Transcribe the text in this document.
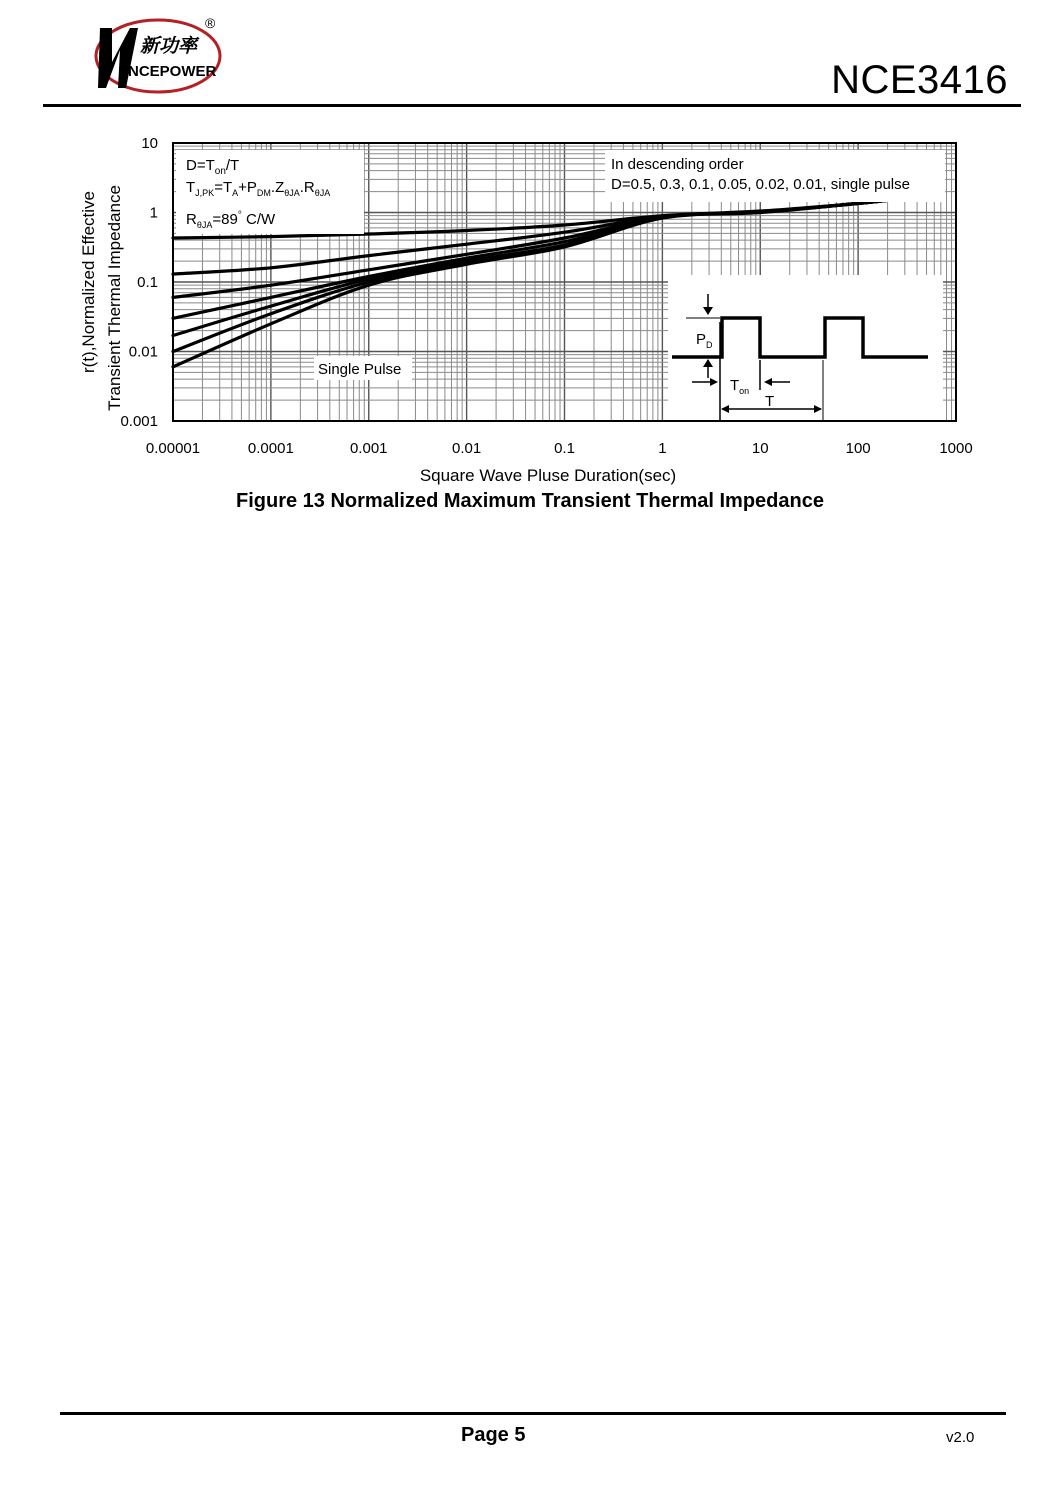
新功率
NCEPOWER
®
NCE3416
$D=T_{on}/T$
$T_{J,PK}=T_A+P_{DM}.Z_{\theta JA}.R_{\theta JA}$
$R_{\theta JA}=89^\circ$ C/W
In descending order
D=0.5, 0.3, 0.1, 0.05, 0.02, 0.01, single pulse
Single Pulse
$P_D$
$T_{on}$
T
0.00001	0.0001	0.001	0.01	0.1	1	10	100	1000
10
1
0.1
0.01
0.001
Square Wave Pluse Duration(sec)
r(t),Normalized Effective Transient Thermal Impedance
Figure 13 Normalized Maximum Transient Thermal Impedance
Page 5	v2.0
